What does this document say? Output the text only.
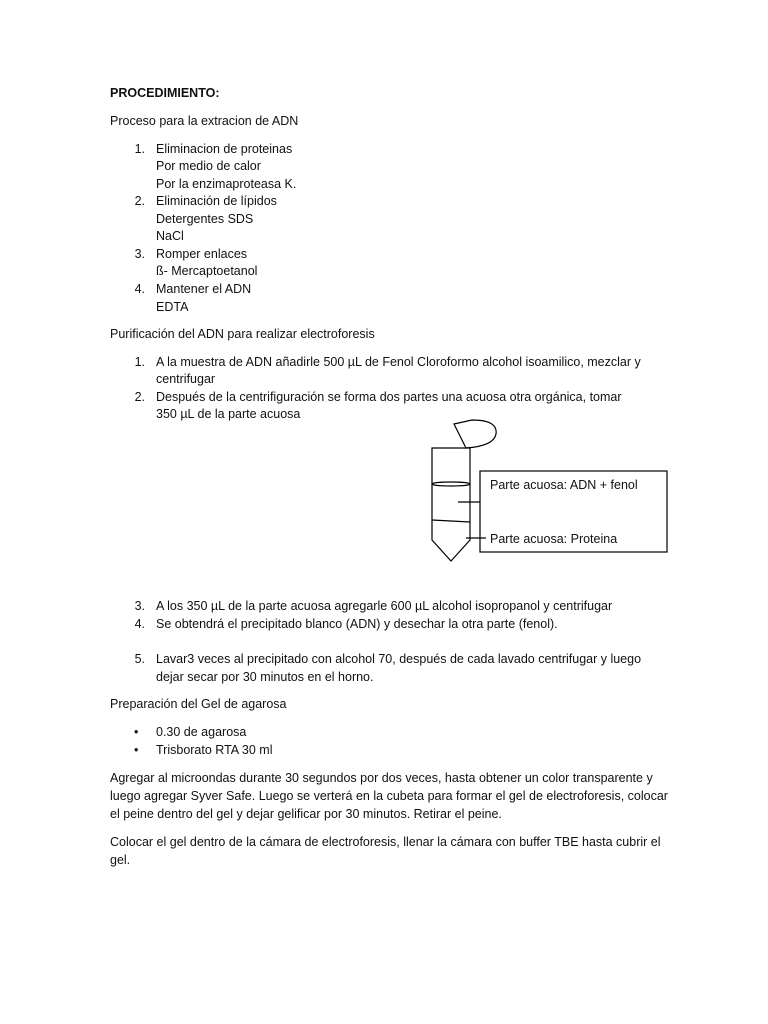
PROCEDIMIENTO:
Proceso para la extracion de ADN
1. Eliminacion de proteinas
Por medio de calor
Por la enzimaproteasa K.
2. Eliminación de lípidos
Detergentes SDS
NaCl
3. Romper enlaces
ß- Mercaptoetanol
4. Mantener el ADN
EDTA
Purificación del ADN para realizar electroforesis
1. A la muestra de ADN añadirle 500 µL de Fenol Cloroformo alcohol isoamilico, mezclar y
centrifugar
2. Después de la centrifiguración se forma dos partes una acuosa otra orgánica, tomar
350 µL de la parte acuosa
Parte acuosa: ADN + fenol
Parte acuosa: Proteina
3. A los 350 µL de la parte acuosa agregarle 600 µL alcohol isopropanol y centrifugar
4. Se obtendrá el precipitado blanco (ADN) y desechar la otra parte (fenol).
5. Lavar3 veces al precipitado con alcohol 70, después de cada lavado centrifugar y luego
dejar secar por 30 minutos en el horno.
Preparación del Gel de agarosa
• 0.30 de agarosa
• Trisborato RTA 30 ml
Agregar al microondas durante 30 segundos por dos veces, hasta obtener un color transparente y luego agregar Syver Safe. Luego se verterá en la cubeta para formar el gel de electroforesis, colocar el peine dentro del gel y dejar gelificar por 30 minutos. Retirar el peine.
Colocar el gel dentro de la cámara de electroforesis, llenar la cámara con buffer TBE hasta cubrir el gel.
